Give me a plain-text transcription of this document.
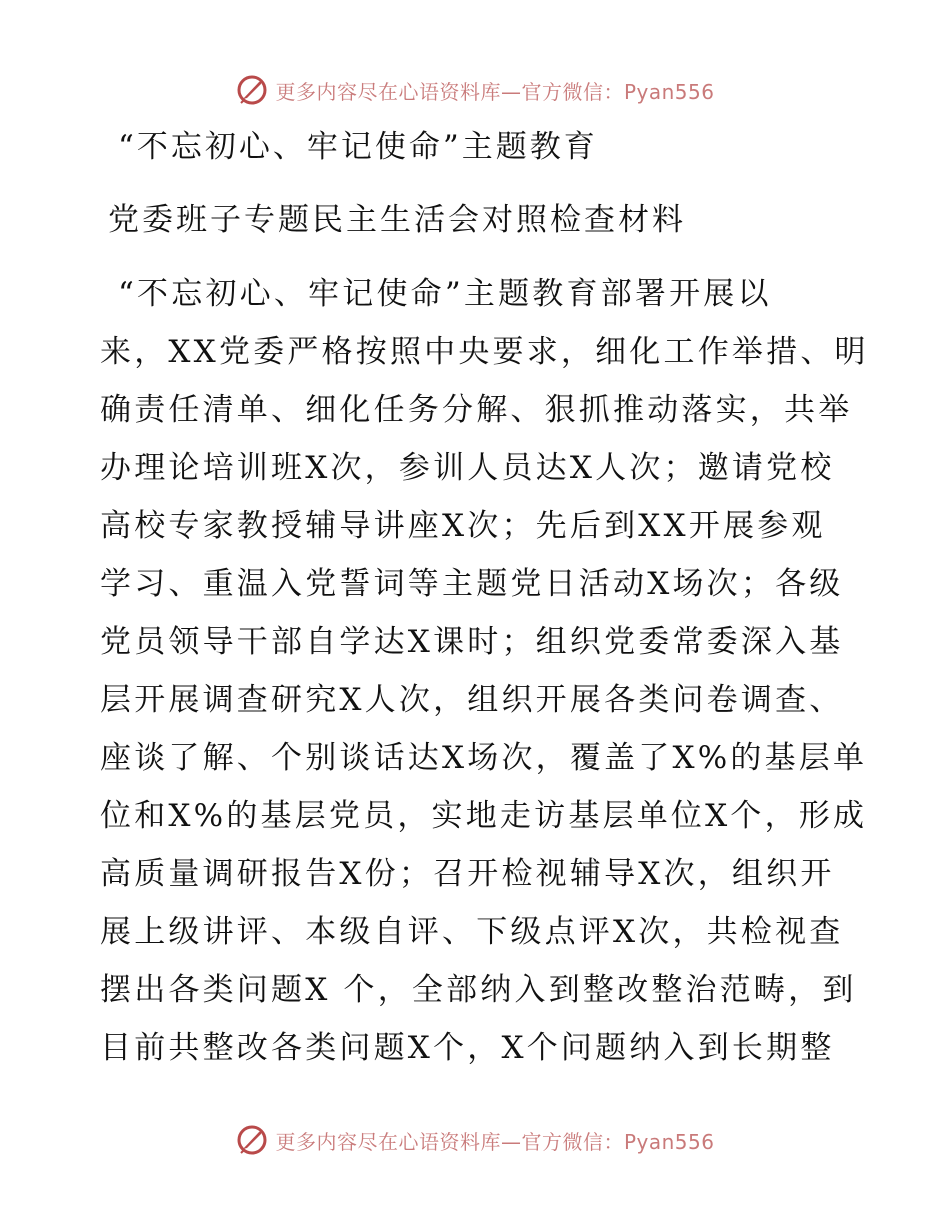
更多内容尽在心语资料库—官方微信：Pyan556
“不忘初心、牢记使命”主题教育
党委班子专题民主生活会对照检查材料
“不忘初心、牢记使命”主题教育部署开展以
来，XX党委严格按照中央要求，细化工作举措、明
确责任清单、细化任务分解、狠抓推动落实，共举
办理论培训班X次，参训人员达X人次；邀请党校
高校专家教授辅导讲座X次；先后到XX开展参观
学习、重温入党誓词等主题党日活动X场次；各级
党员领导干部自学达X课时；组织党委常委深入基
层开展调查研究X人次，组织开展各类问卷调查、
座谈了解、个别谈话达X场次，覆盖了X%的基层单
位和X%的基层党员，实地走访基层单位X个，形成
高质量调研报告X份；召开检视辅导X次，组织开
展上级讲评、本级自评、下级点评X次，共检视查
摆出各类问题X 个，全部纳入到整改整治范畴，到
目前共整改各类问题X个，X个问题纳入到长期整
更多内容尽在心语资料库—官方微信：Pyan556
